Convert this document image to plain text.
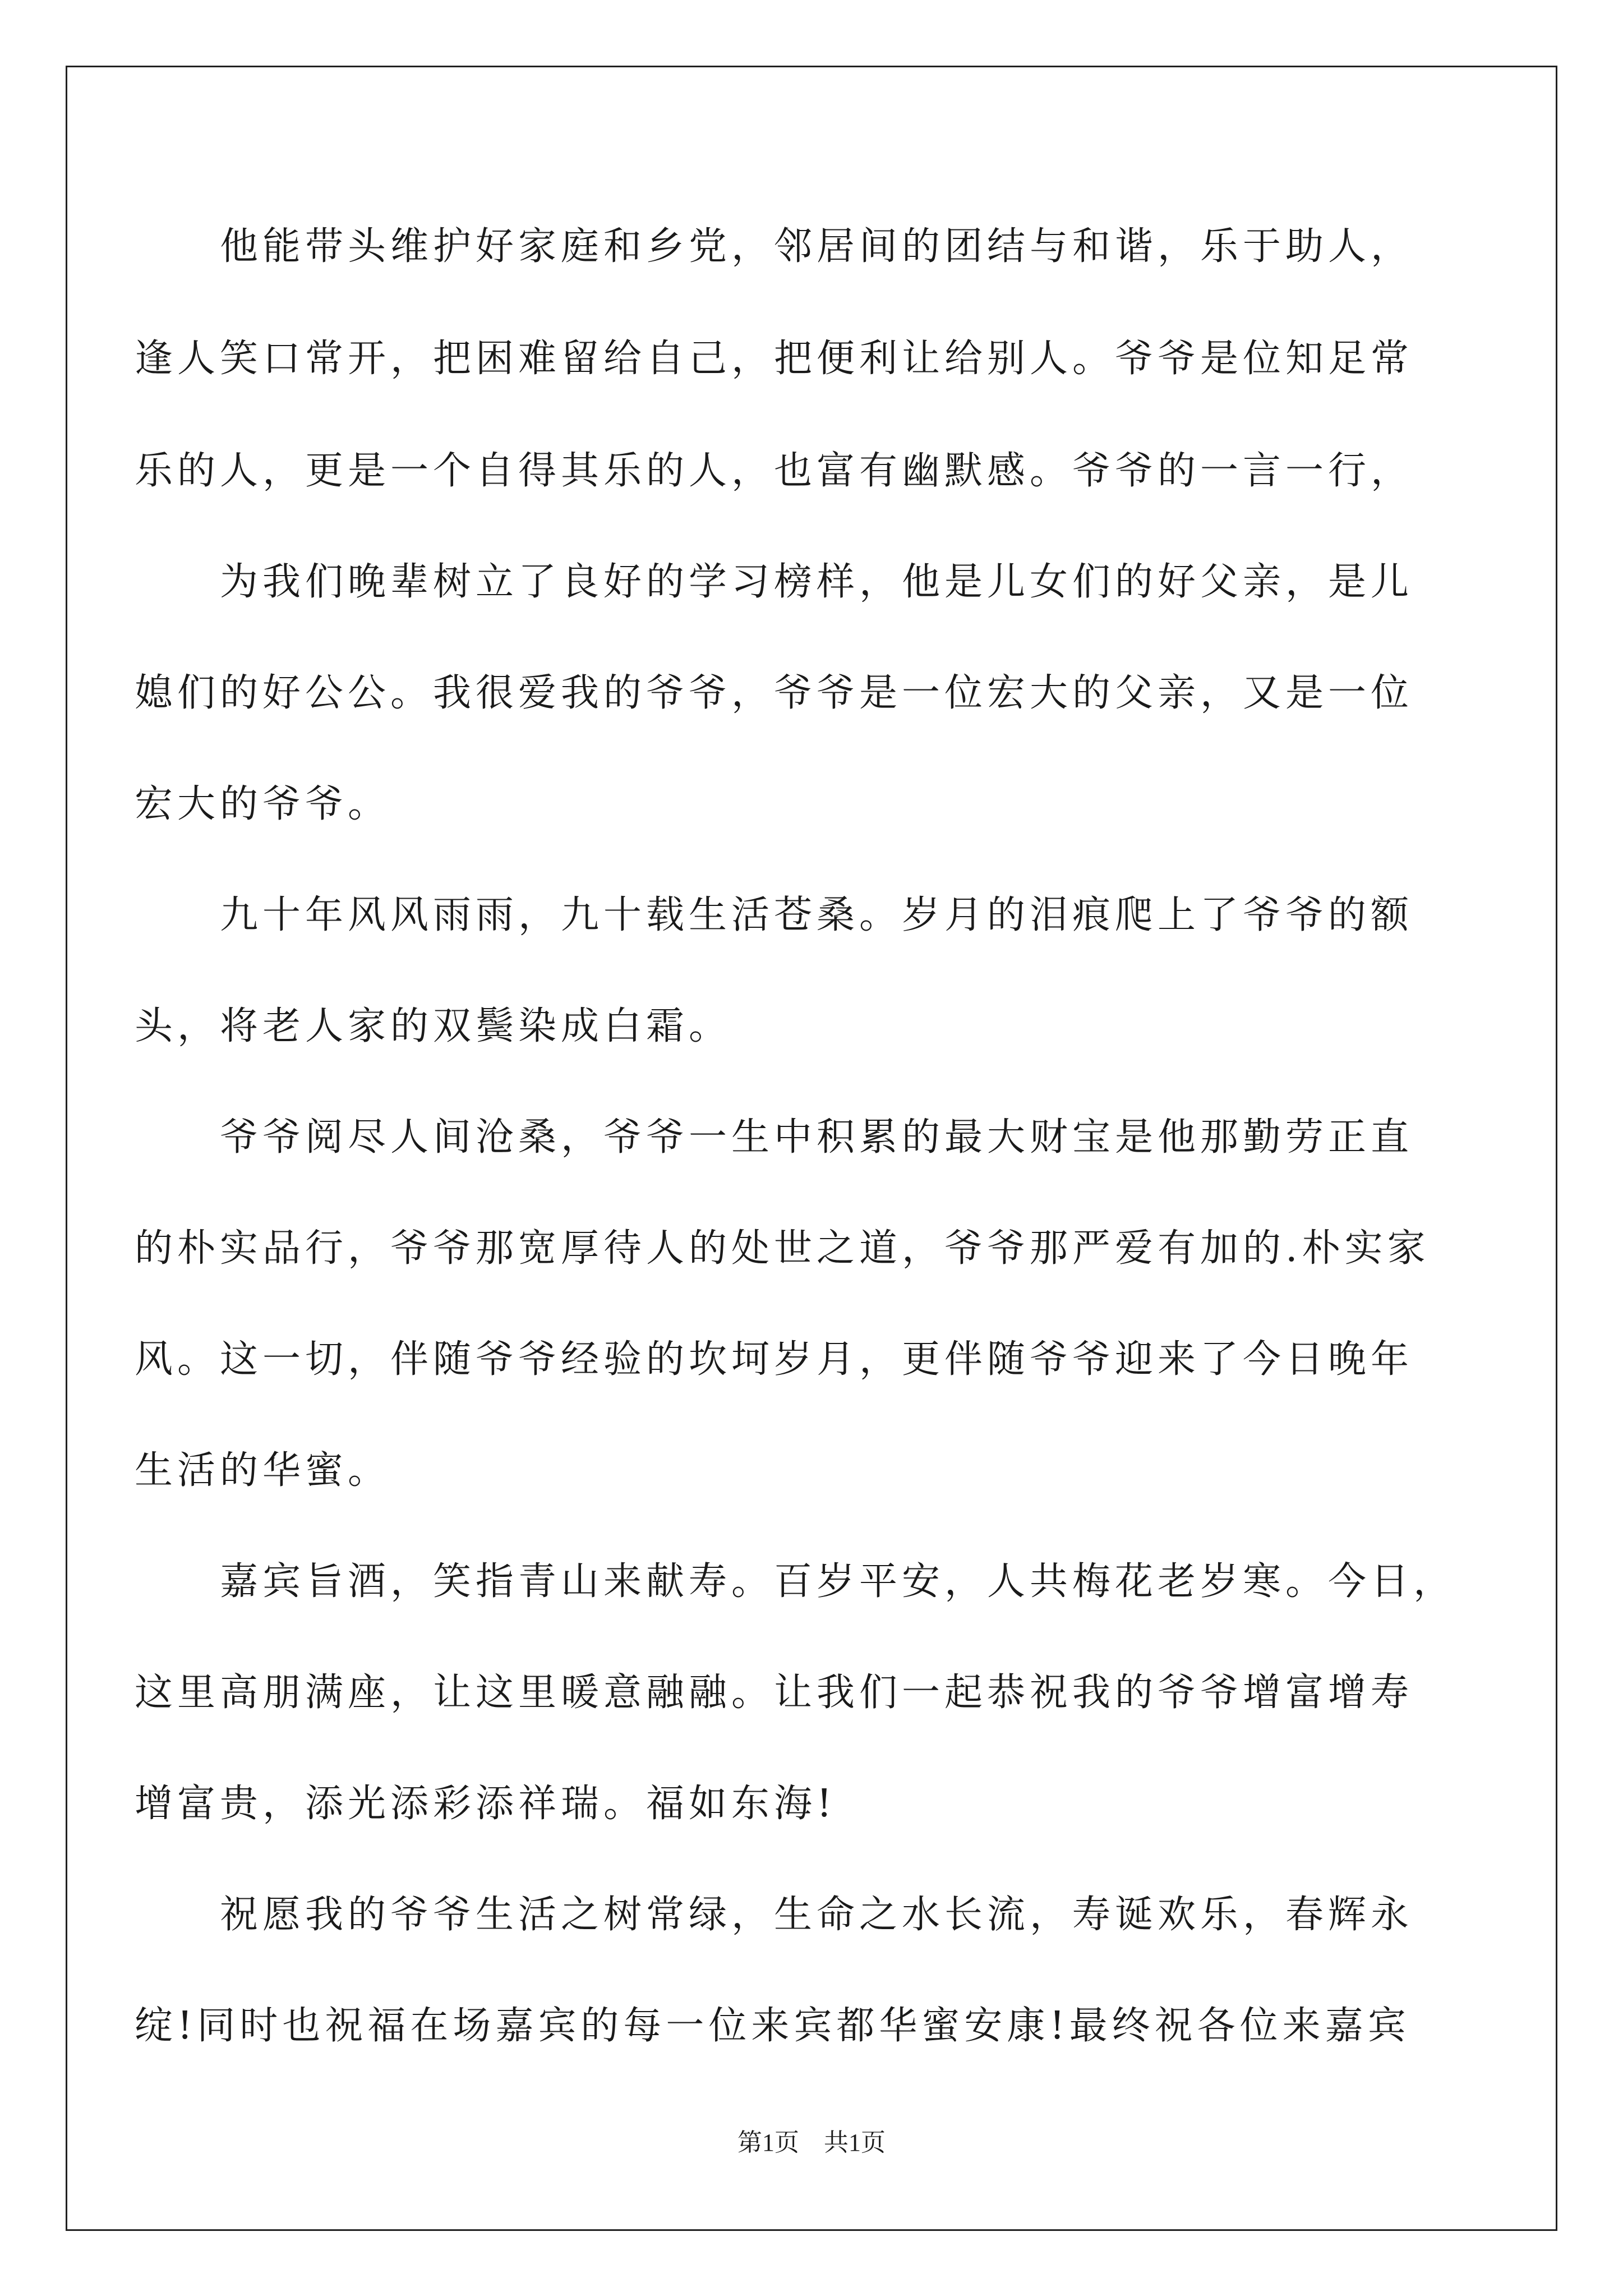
　　他能带头维护好家庭和乡党，邻居间的团结与和谐，乐于助人，
逢人笑口常开，把困难留给自己，把便利让给别人。爷爷是位知足常
乐的人，更是一个自得其乐的人，也富有幽默感。爷爷的一言一行，
　　为我们晚辈树立了良好的学习榜样，他是儿女们的好父亲，是儿
媳们的好公公。我很爱我的爷爷，爷爷是一位宏大的父亲，又是一位
宏大的爷爷。
　　九十年风风雨雨，九十载生活苍桑。岁月的泪痕爬上了爷爷的额
头，将老人家的双鬓染成白霜。
　　爷爷阅尽人间沧桑，爷爷一生中积累的最大财宝是他那勤劳正直
的朴实品行，爷爷那宽厚待人的处世之道，爷爷那严爱有加的.朴实家
风。这一切，伴随爷爷经验的坎坷岁月，更伴随爷爷迎来了今日晚年
生活的华蜜。
　　嘉宾旨酒，笑指青山来献寿。百岁平安，人共梅花老岁寒。今日，
这里高朋满座，让这里暖意融融。让我们一起恭祝我的爷爷增富增寿
增富贵，添光添彩添祥瑞。福如东海!
　　祝愿我的爷爷生活之树常绿，生命之水长流，寿诞欢乐，春辉永
绽!同时也祝福在场嘉宾的每一位来宾都华蜜安康!最终祝各位来嘉宾
第1页　共1页
